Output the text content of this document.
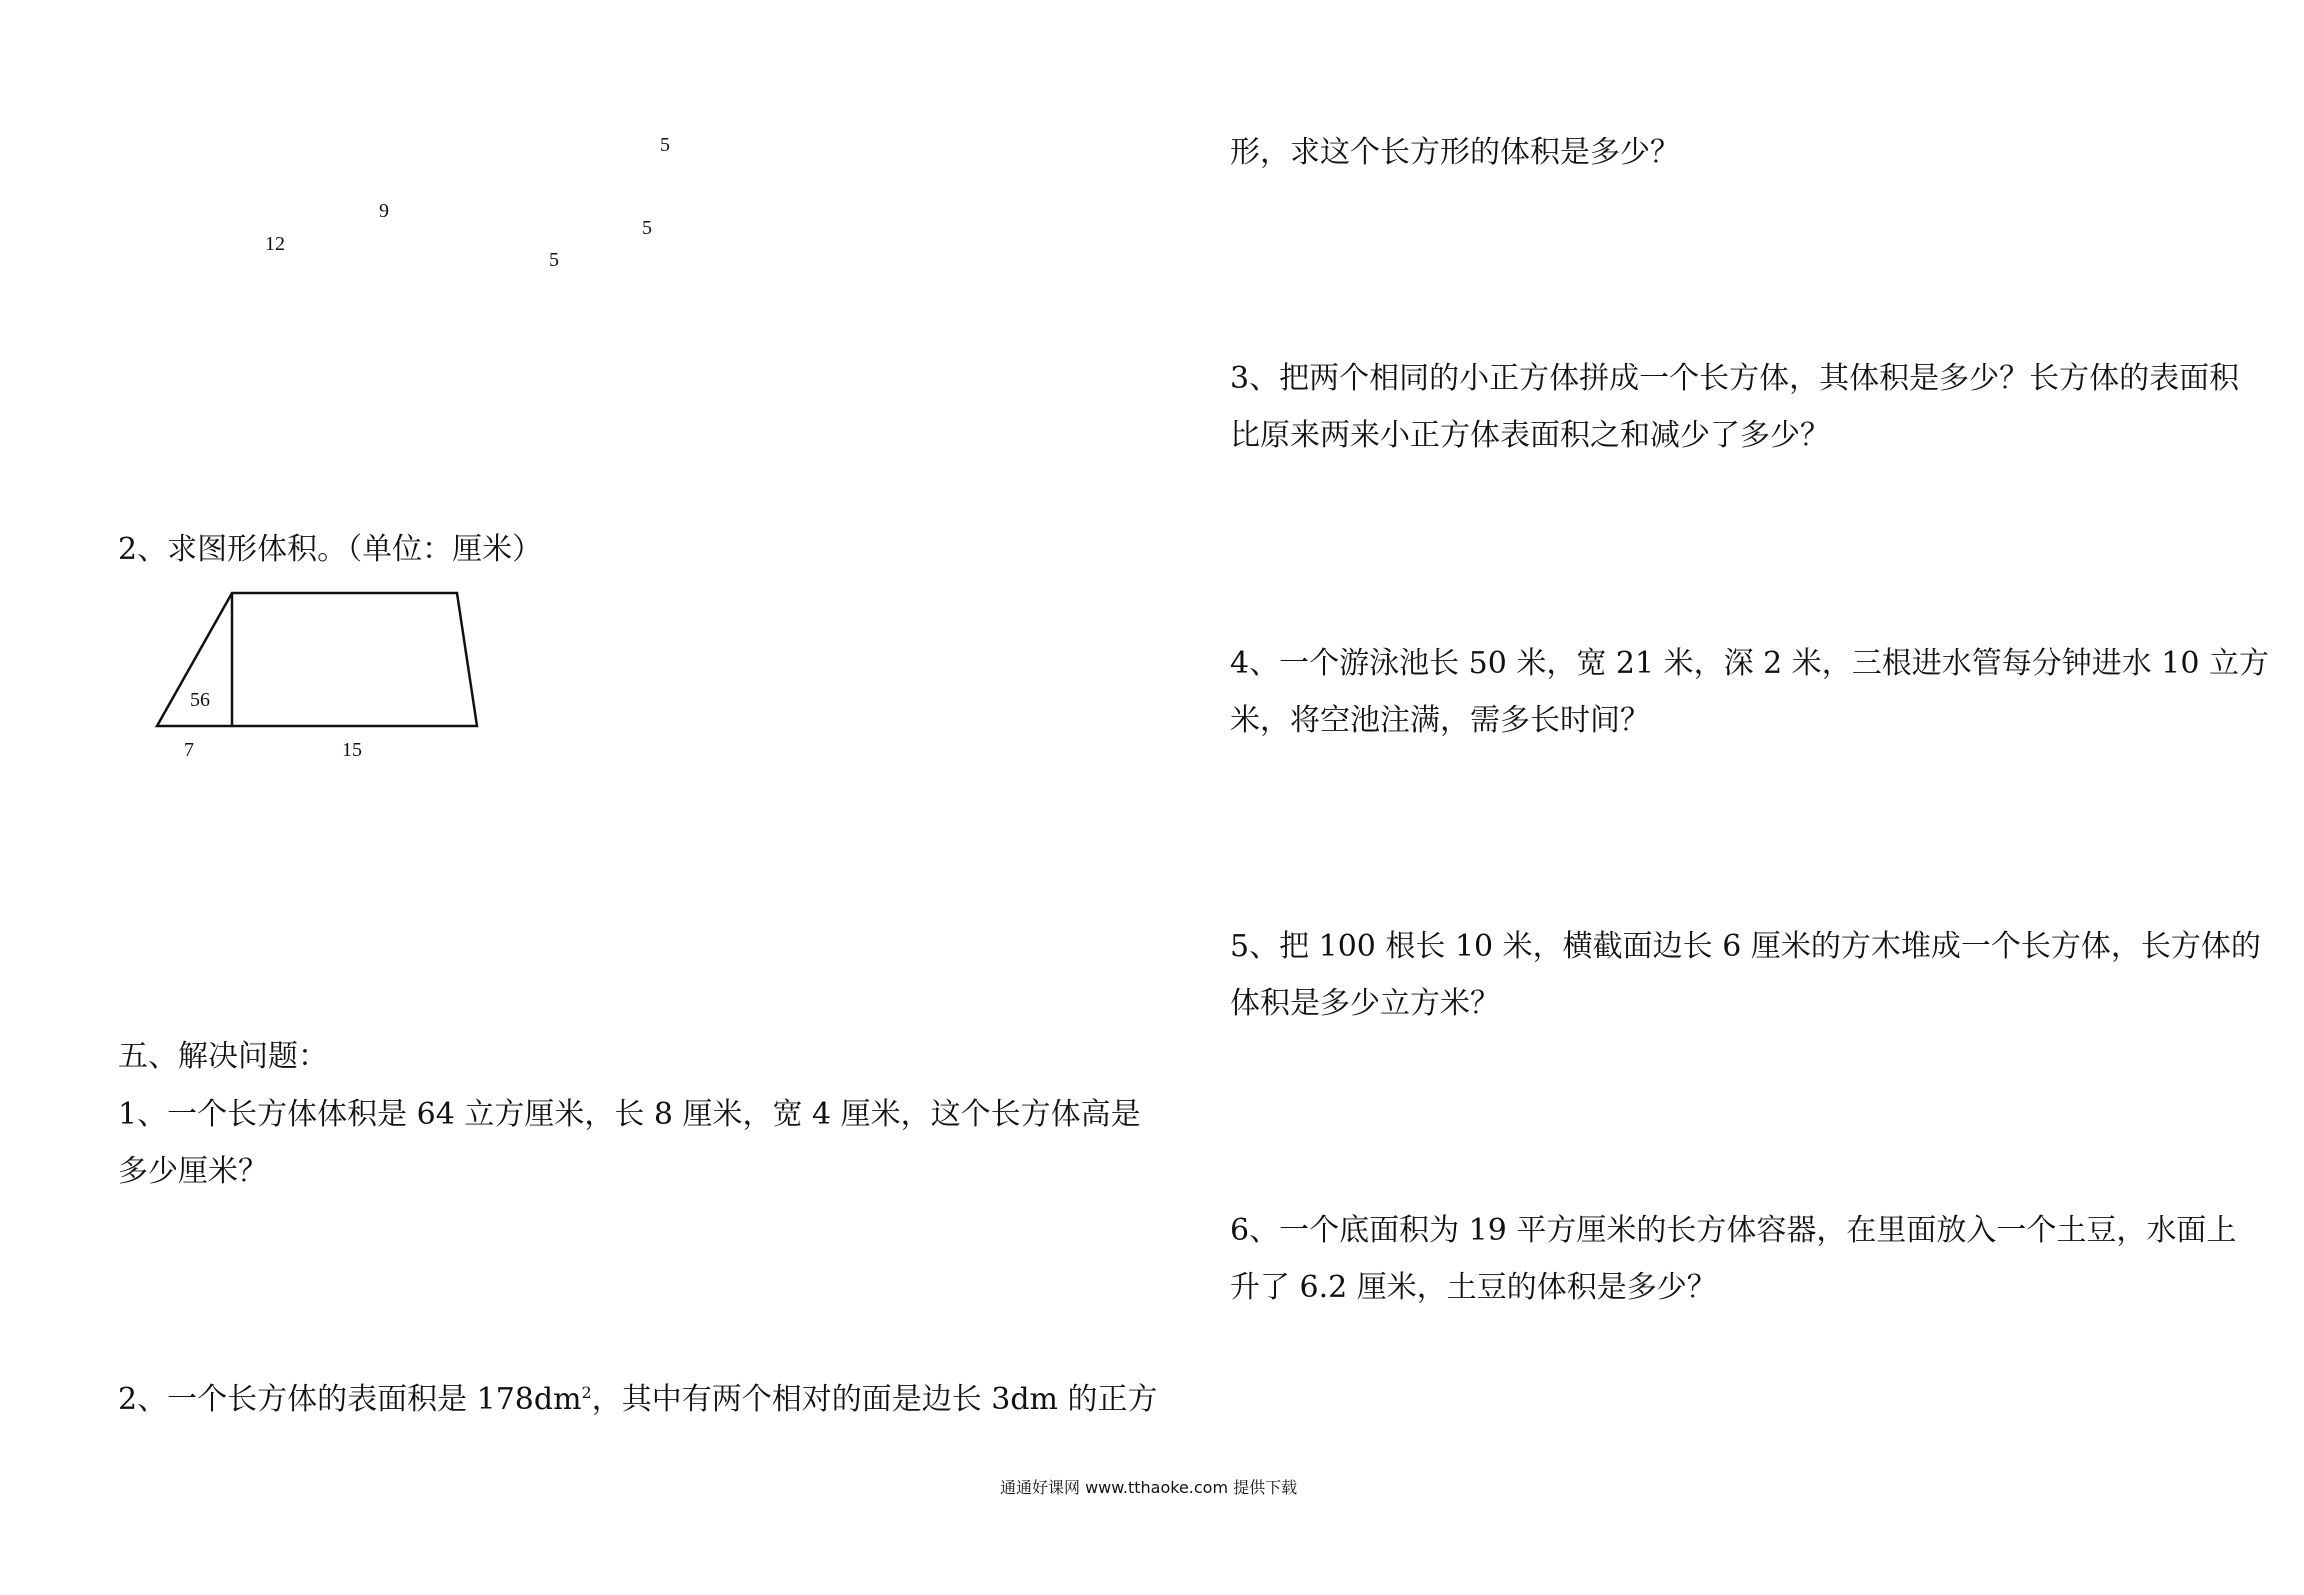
5
9
5
12
5
2、求图形体积。（单位：厘米）
56
7	15
五、解决问题：
1、一个长方体体积是 64 立方厘米，长 8 厘米，宽 4 厘米，这个长方体高是
多少厘米？
2、一个长方体的表面积是 $178dm^2$，其中有两个相对的面是边长 3dm 的正方
形，求这个长方形的体积是多少？
3、把两个相同的小正方体拼成一个长方体，其体积是多少？长方体的表面积
比原来两来小正方体表面积之和减少了多少？
4、一个游泳池长 50 米，宽 21 米，深 2 米，三根进水管每分钟进水 10 立方
米，将空池注满，需多长时间？
5、把 100 根长 10 米，横截面边长 6 厘米的方木堆成一个长方体，长方体的
体积是多少立方米？
6、一个底面积为 19 平方厘米的长方体容器，在里面放入一个土豆，水面上
升了 6.2 厘米，土豆的体积是多少？
通通好课网 www.tthaoke.com 提供下载
